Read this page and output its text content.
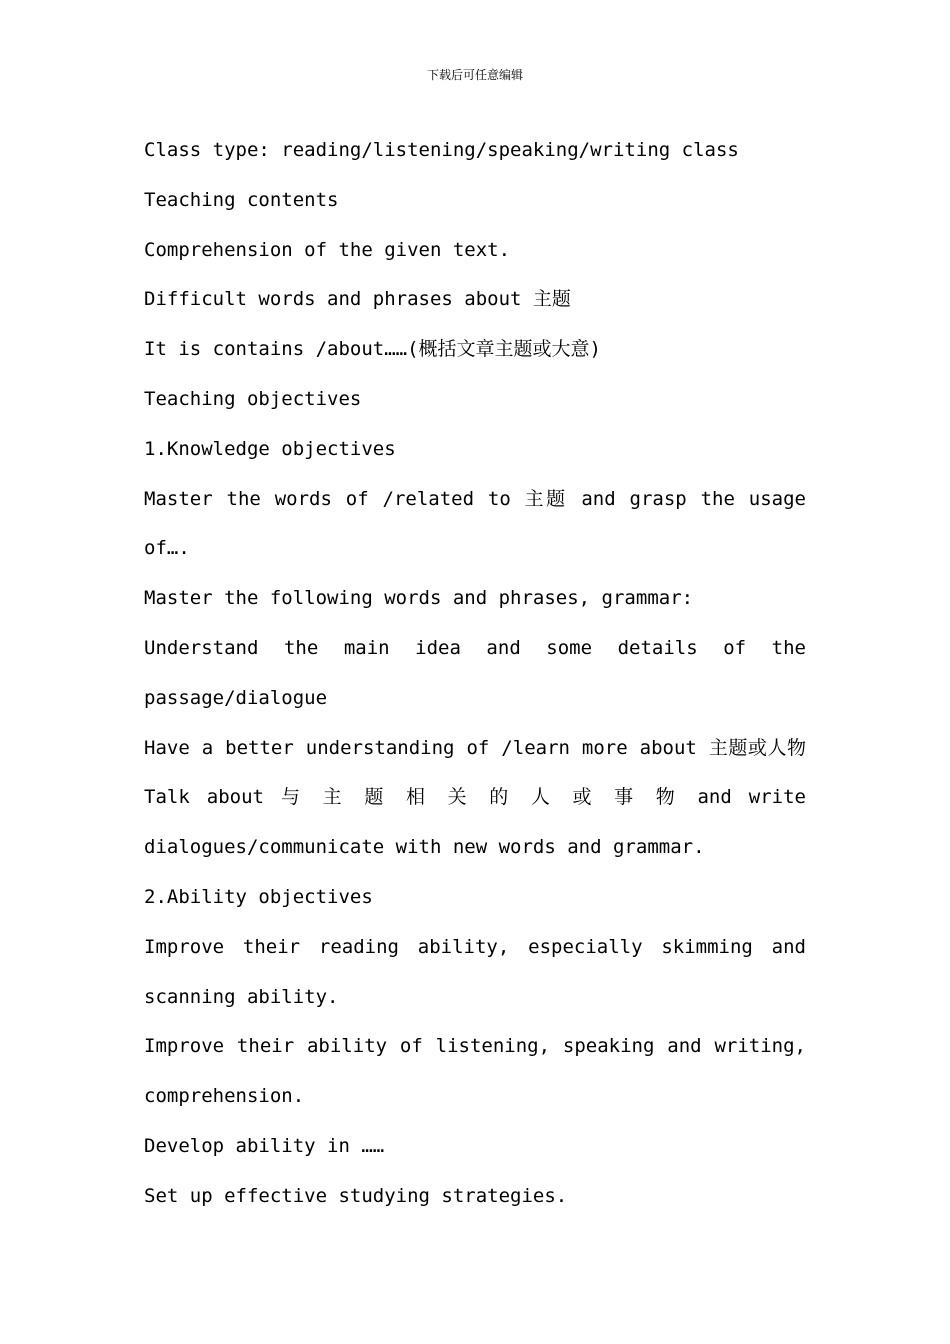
下载后可任意编辑
Class type: reading/listening/speaking/writing class
Teaching contents
Comprehension of the given text.
Difficult words and phrases about 主题
It is contains /about……(概括文章主题或大意)
Teaching objectives
1.Knowledge objectives
Master the words of /related to 主题 and grasp the usage
of….
Master the following words and phrases, grammar:
Understand the main idea and some details of the
passage/dialogue
Have a better understanding of /learn more about 主题或人物
Talk about 与 主 题 相 关 的 人 或 事 物 and write
dialogues/communicate with new words and grammar.
2.Ability objectives
Improve their reading ability, especially skimming and
scanning ability.
Improve their ability of listening, speaking and writing,
comprehension.
Develop ability in ……
Set up effective studying strategies.
